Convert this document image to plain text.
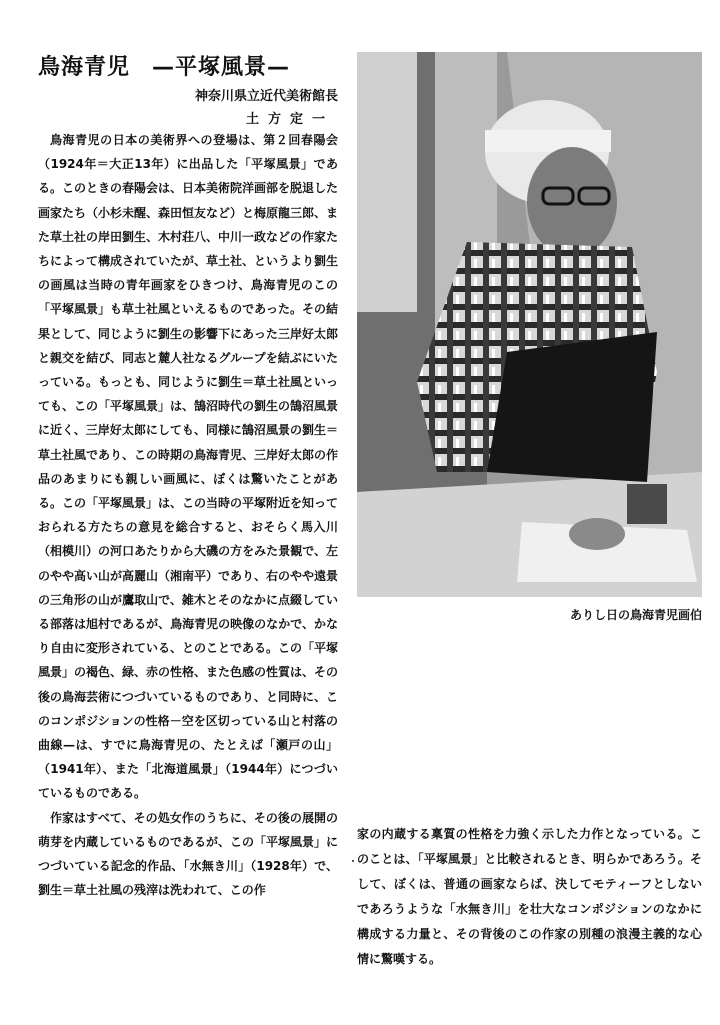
鳥海青児 —平塚風景—
神奈川県立近代美術館長
土方定一

鳥海青児の日本の美術界への登場は、第２回春陽会（1924年＝大正13年）に出品した「平塚風景」である。このときの春陽会は、日本美術院洋画部を脱退した画家たち（小杉未醒、森田恒友など）と梅原龍三郎、また草土社の岸田劉生、木村荘八、中川一政などの作家たちによって構成されていたが、草土社、というより劉生の画風は当時の青年画家をひきつけ、鳥海青児のこの「平塚風景」も草土社風といえるものであった。その結果として、同じように劉生の影響下にあった三岸好太郎と親交を結び、同志と麓人社なるグループを結ぶにいたっている。もっとも、同じように劉生＝草土社風といっても、この「平塚風景」は、鵠沼時代の劉生の鵠沼風景に近く、三岸好太郎にしても、同様に鵠沼風景の劉生＝草土社風であり、この時期の鳥海青児、三岸好太郎の作品のあまりにも親しい画風に、ぼくは驚いたことがある。この「平塚風景」は、この当時の平塚附近を知っておられる方たちの意見を総合すると、おそらく馬入川（相模川）の河口あたりから大磯の方をみた景観で、左のやや高い山が高麗山（湘南平）であり、右のやや遠景の三角形の山が鷹取山で、雑木とそのなかに点綴している部落は旭村であるが、鳥海青児の映像のなかで、かなり自由に変形されている、とのことである。この「平塚風景」の褐色、緑、赤の性格、また色感の性質は、その後の鳥海芸術につづいているものであり、と同時に、このコンポジションの性格－空を区切っている山と村落の曲線—は、すでに鳥海青児の、たとえば「瀬戸の山」（1941年）、また「北海道風景」（1944年）につづいているものである。

作家はすべて、その処女作のうちに、その後の展開の萌芽を内蔵しているものであるが、この「平塚風景」につづいている記念的作品、「水無き川」（1928年）で、劉生＝草土社風の残滓は洗われて、この作

ありし日の鳥海青児画伯

家の内蔵する稟質の性格を力強く示した力作となっている。このことは、「平塚風景」と比較されるとき、明らかであろう。そして、ぼくは、普通の画家ならば、決してモティーフとしないであろうような「水無き川」を壮大なコンポジションのなかに構成する力量と、その背後のこの作家の別種の浪漫主義的な心情に驚嘆する。
